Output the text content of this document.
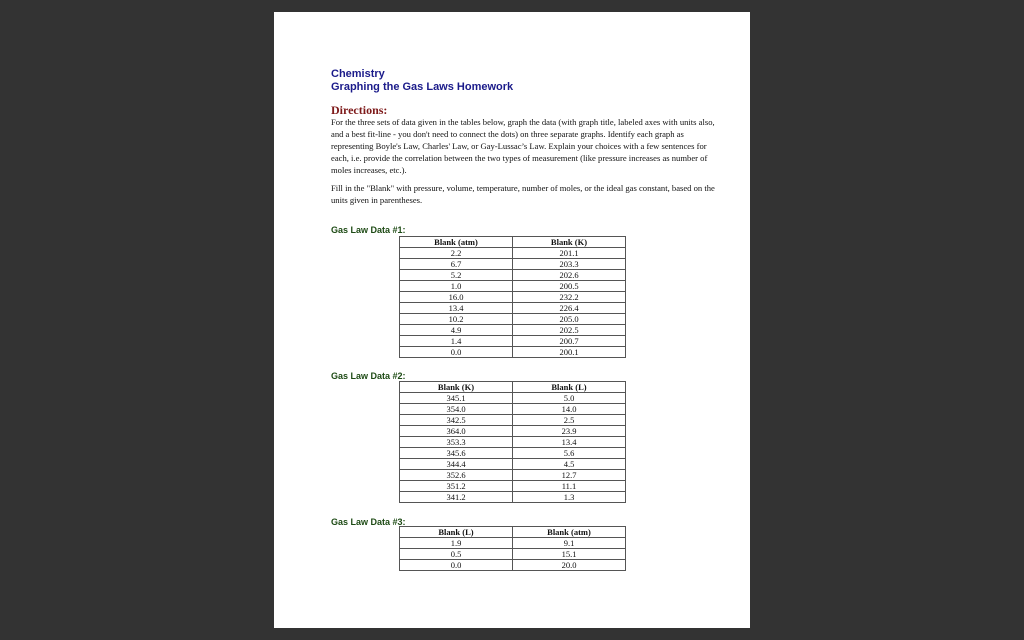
Chemistry
Graphing the Gas Laws Homework
Directions:
For the three sets of data given in the tables below, graph the data (with graph title, labeled axes with units also, and a best fit-line - you don't need to connect the dots) on three separate graphs. Identify each graph as representing Boyle's Law, Charles' Law, or Gay-Lussac’s Law. Explain your choices with a few sentences for each, i.e. provide the correlation between the two types of measurement (like pressure increases as number of moles increases, etc.).
Fill in the "Blank" with pressure, volume, temperature, number of moles, or the ideal gas constant, based on the units given in parentheses.
Gas Law Data #1:
Blank (atm)	Blank (K)
2.2	201.1
6.7	203.3
5.2	202.6
1.0	200.5
16.0	232.2
13.4	226.4
10.2	205.0
4.9	202.5
1.4	200.7
0.0	200.1
Gas Law Data #2:
Blank (K)	Blank (L)
345.1	5.0
354.0	14.0
342.5	2.5
364.0	23.9
353.3	13.4
345.6	5.6
344.4	4.5
352.6	12.7
351.2	11.1
341.2	1.3
Gas Law Data #3:
Blank (L)	Blank (atm)
1.9	9.1
0.5	15.1
0.0	20.0
